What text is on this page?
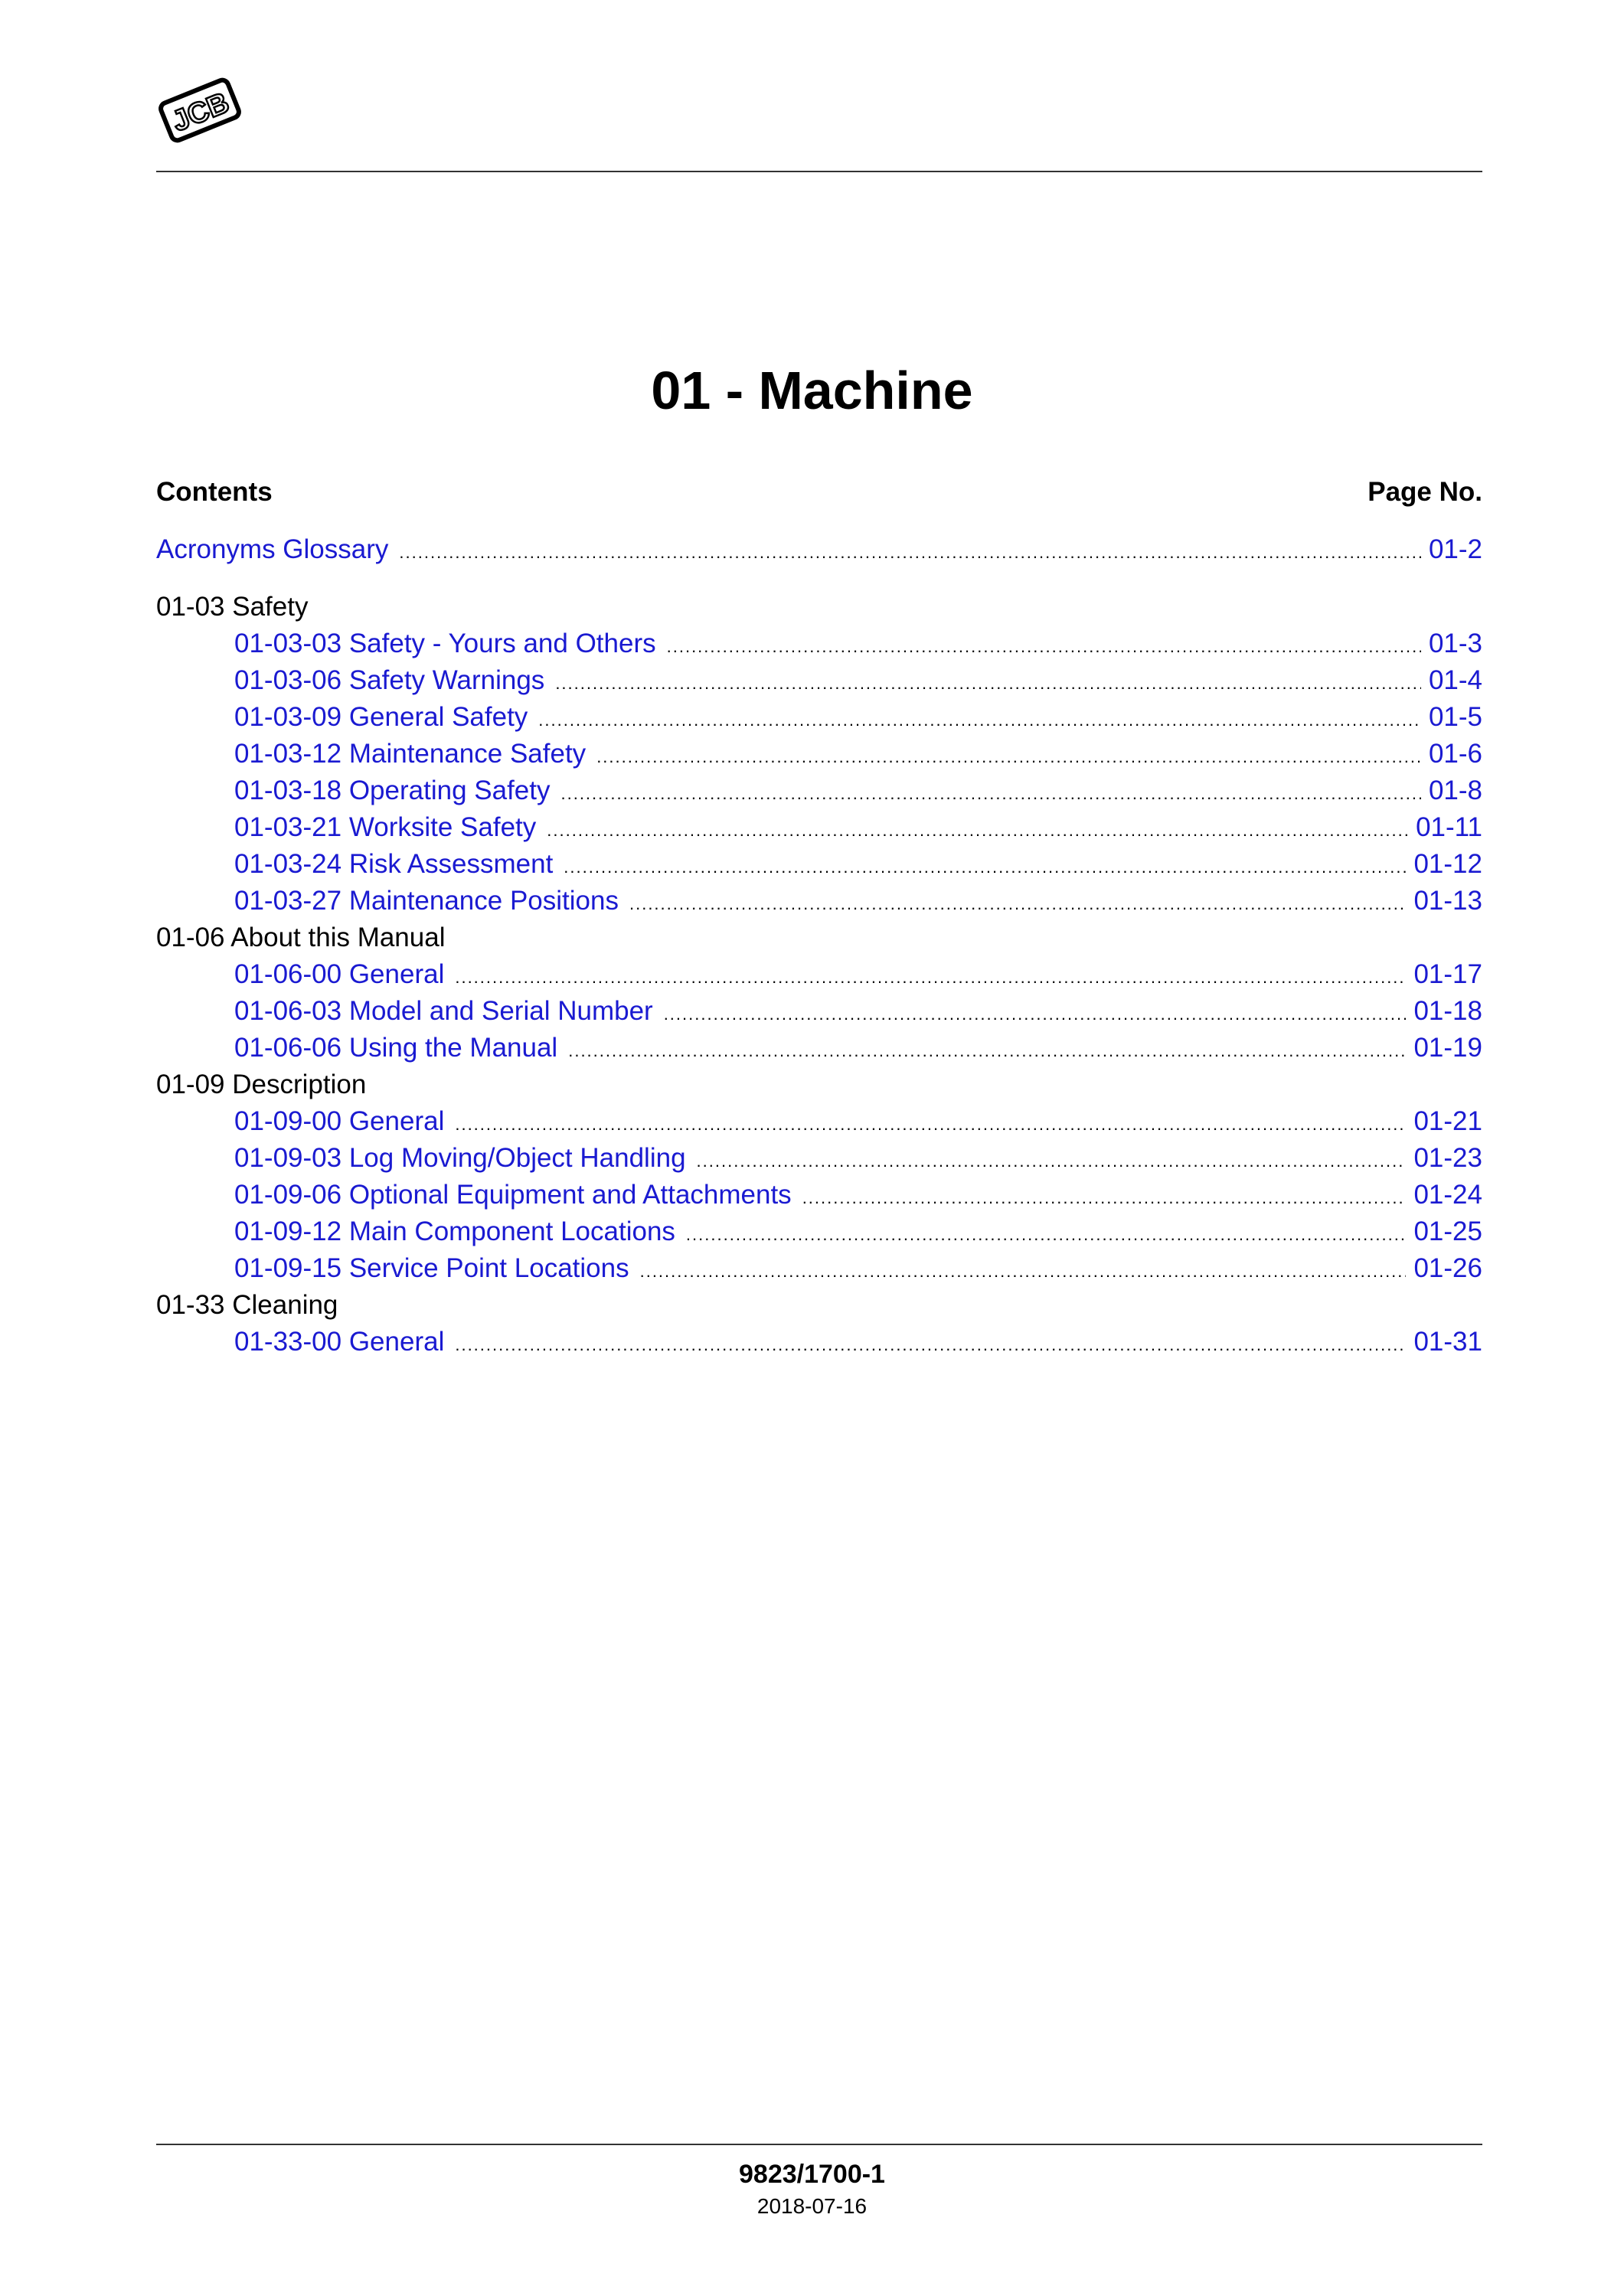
JCB
01 - Machine
Contents	Page No.
Acronyms Glossary .....	01-2
01-03 Safety
01-03-03 Safety - Yours and Others .....	01-3
01-03-06 Safety Warnings .....	01-4
01-03-09 General Safety .....	01-5
01-03-12 Maintenance Safety .....	01-6
01-03-18 Operating Safety .....	01-8
01-03-21 Worksite Safety .....	01-11
01-03-24 Risk Assessment .....	01-12
01-03-27 Maintenance Positions .....	01-13
01-06 About this Manual
01-06-00 General .....	01-17
01-06-03 Model and Serial Number .....	01-18
01-06-06 Using the Manual .....	01-19
01-09 Description
01-09-00 General .....	01-21
01-09-03 Log Moving/Object Handling .....	01-23
01-09-06 Optional Equipment and Attachments .....	01-24
01-09-12 Main Component Locations .....	01-25
01-09-15 Service Point Locations .....	01-26
01-33 Cleaning
01-33-00 General .....	01-31
9823/1700-1
2018-07-16
